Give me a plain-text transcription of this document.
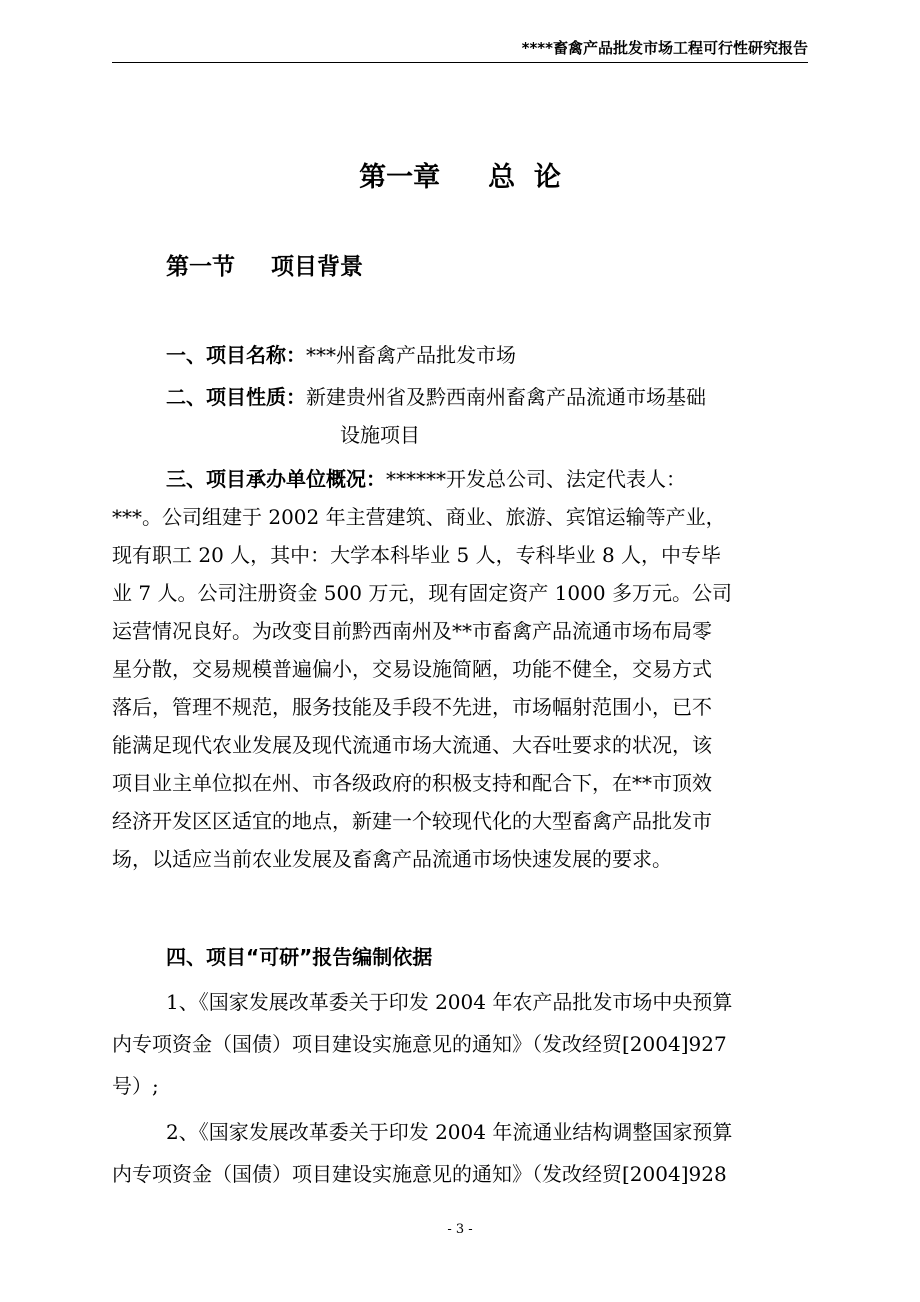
****畜禽产品批发市场工程可行性研究报告
第一章 总  论
第一节 项目背景
一、项目名称：***州畜禽产品批发市场
二、项目性质：新建贵州省及黔西南州畜禽产品流通市场基础
设施项目
三、项目承办单位概况：******开发总公司、法定代表人：
***。公司组建于 2002 年主营建筑、商业、旅游、宾馆运输等产业，
现有职工 20 人，其中：大学本科毕业 5 人，专科毕业 8 人，中专毕
业 7 人。公司注册资金 500 万元，现有固定资产 1000 多万元。公司
运营情况良好。为改变目前黔西南州及**市畜禽产品流通市场布局零
星分散，交易规模普遍偏小，交易设施简陋，功能不健全，交易方式
落后，管理不规范，服务技能及手段不先进，市场幅射范围小，已不
能满足现代农业发展及现代流通市场大流通、大吞吐要求的状况，该
项目业主单位拟在州、市各级政府的积极支持和配合下，在**市顶效
经济开发区区适宜的地点，新建一个较现代化的大型畜禽产品批发市
场，以适应当前农业发展及畜禽产品流通市场快速发展的要求。
四、项目“可研”报告编制依据
1、《国家发展改革委关于印发 2004 年农产品批发市场中央预算
内专项资金（国债）项目建设实施意见的通知》（发改经贸[2004]927
号）;
2、《国家发展改革委关于印发 2004 年流通业结构调整国家预算
内专项资金（国债）项目建设实施意见的通知》（发改经贸[2004]928
- 3 -
